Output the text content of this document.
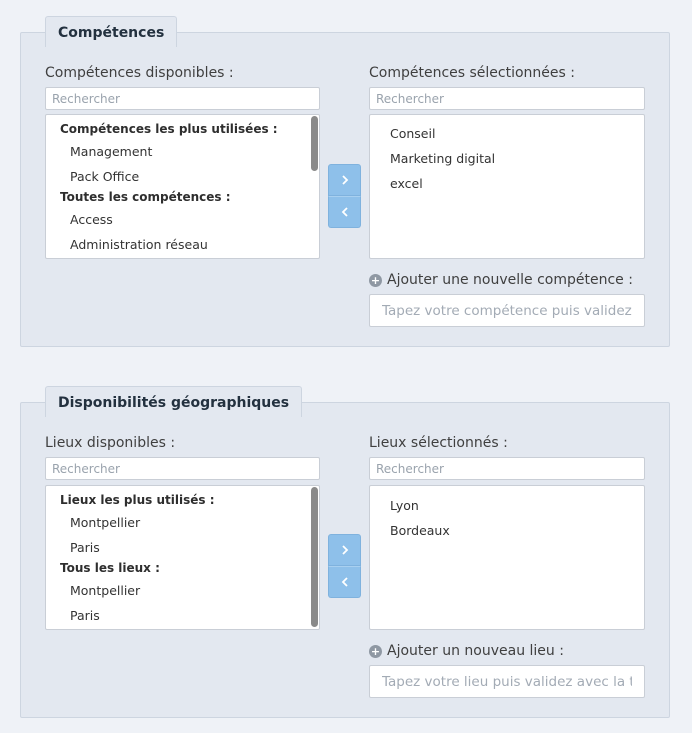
Compétences
Compétences disponibles :
Rechercher
Compétences les plus utilisées :
Management
Pack Office
Toutes les compétences :
Access
Administration réseau
Compétences sélectionnées :
Rechercher
Conseil
Marketing digital
excel
+ Ajouter une nouvelle compétence :
Tapez votre compétence puis validez a
Disponibilités géographiques
Lieux disponibles :
Rechercher
Lieux les plus utilisés :
Montpellier
Paris
Tous les lieux :
Montpellier
Paris
Lieux sélectionnés :
Rechercher
Lyon
Bordeaux
+ Ajouter un nouveau lieu :
Tapez votre lieu puis validez avec la tou
